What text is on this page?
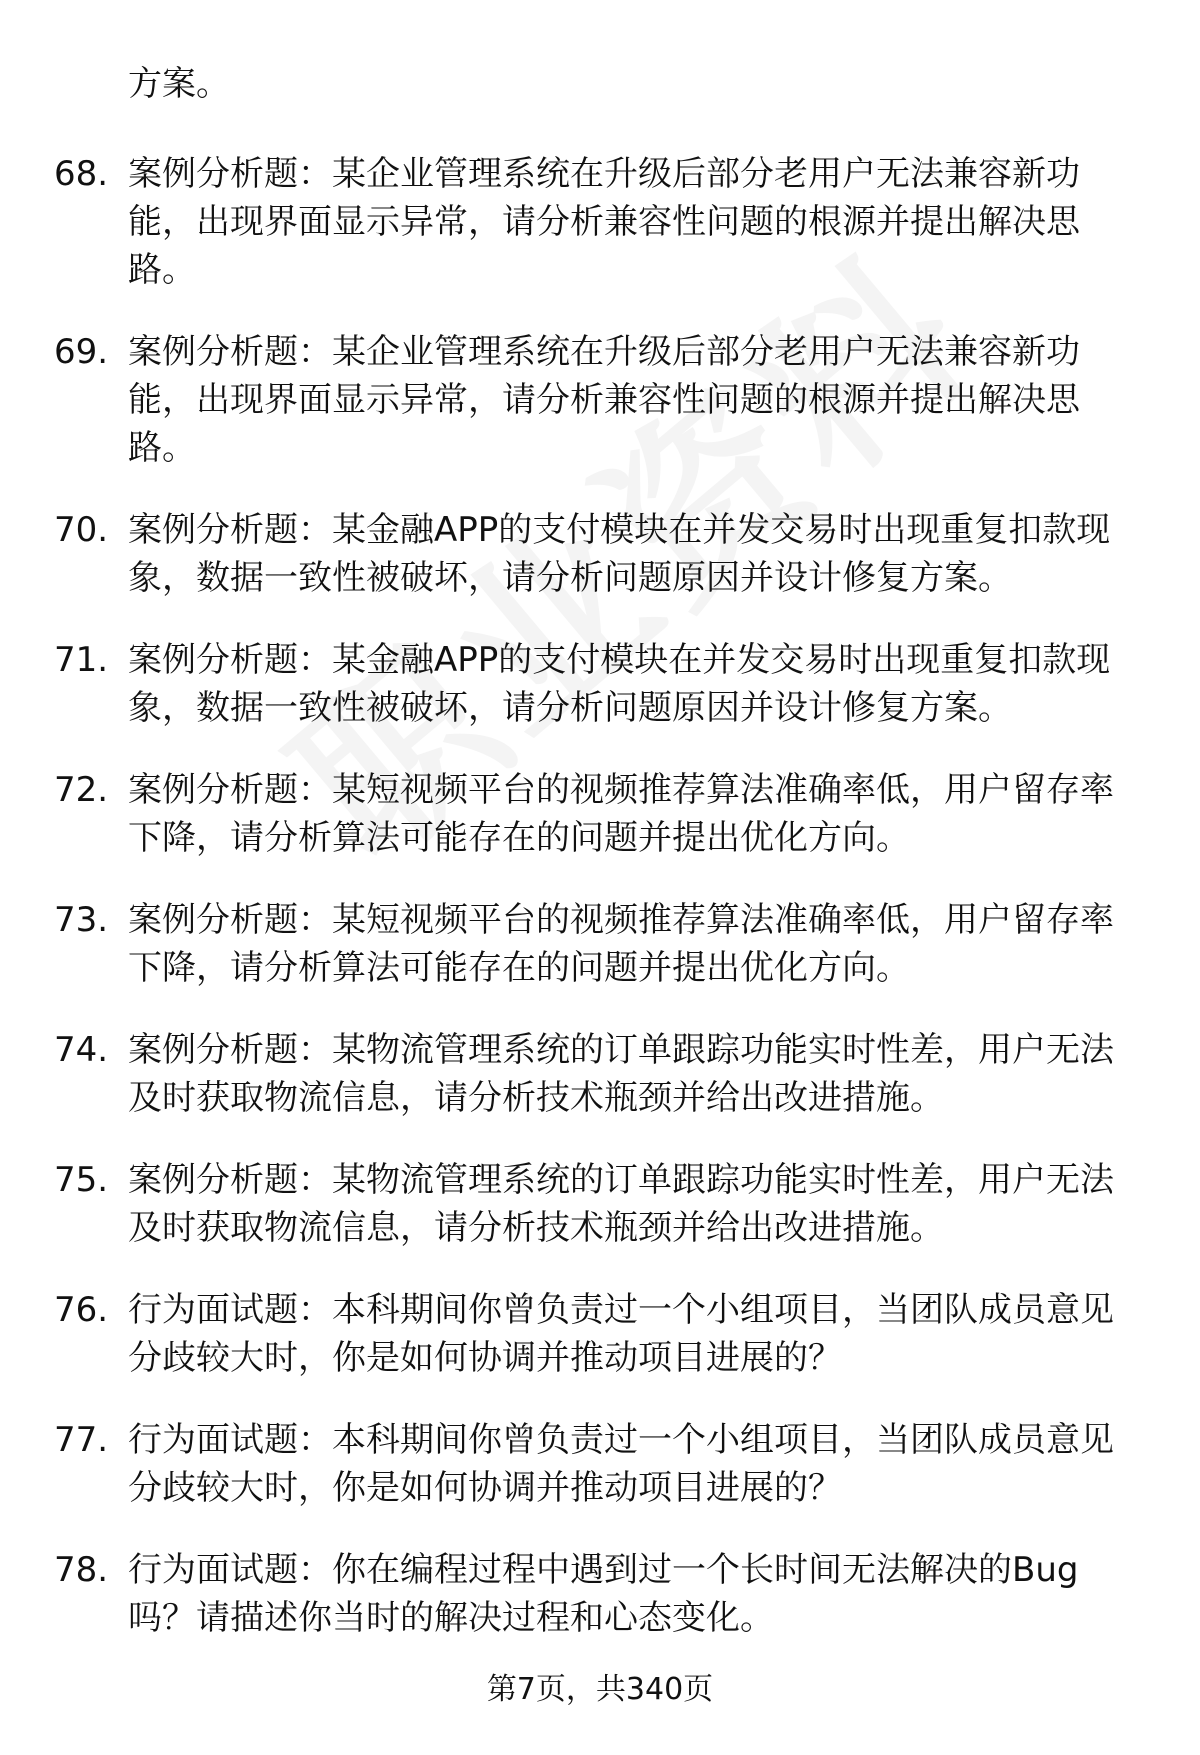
方案。

68. 案例分析题：某企业管理系统在升级后部分老用户无法兼容新功能，出现界面显示异常，请分析兼容性问题的根源并提出解决思路。
69. 案例分析题：某企业管理系统在升级后部分老用户无法兼容新功能，出现界面显示异常，请分析兼容性问题的根源并提出解决思路。
70. 案例分析题：某金融APP的支付模块在并发交易时出现重复扣款现象，数据一致性被破坏，请分析问题原因并设计修复方案。
71. 案例分析题：某金融APP的支付模块在并发交易时出现重复扣款现象，数据一致性被破坏，请分析问题原因并设计修复方案。
72. 案例分析题：某短视频平台的视频推荐算法准确率低，用户留存率下降，请分析算法可能存在的问题并提出优化方向。
73. 案例分析题：某短视频平台的视频推荐算法准确率低，用户留存率下降，请分析算法可能存在的问题并提出优化方向。
74. 案例分析题：某物流管理系统的订单跟踪功能实时性差，用户无法及时获取物流信息，请分析技术瓶颈并给出改进措施。
75. 案例分析题：某物流管理系统的订单跟踪功能实时性差，用户无法及时获取物流信息，请分析技术瓶颈并给出改进措施。
76. 行为面试题：本科期间你曾负责过一个小组项目，当团队成员意见分歧较大时，你是如何协调并推动项目进展的？
77. 行为面试题：本科期间你曾负责过一个小组项目，当团队成员意见分歧较大时，你是如何协调并推动项目进展的？
78. 行为面试题：你在编程过程中遇到过一个长时间无法解决的Bug吗？请描述你当时的解决过程和心态变化。
第7页，共340页
